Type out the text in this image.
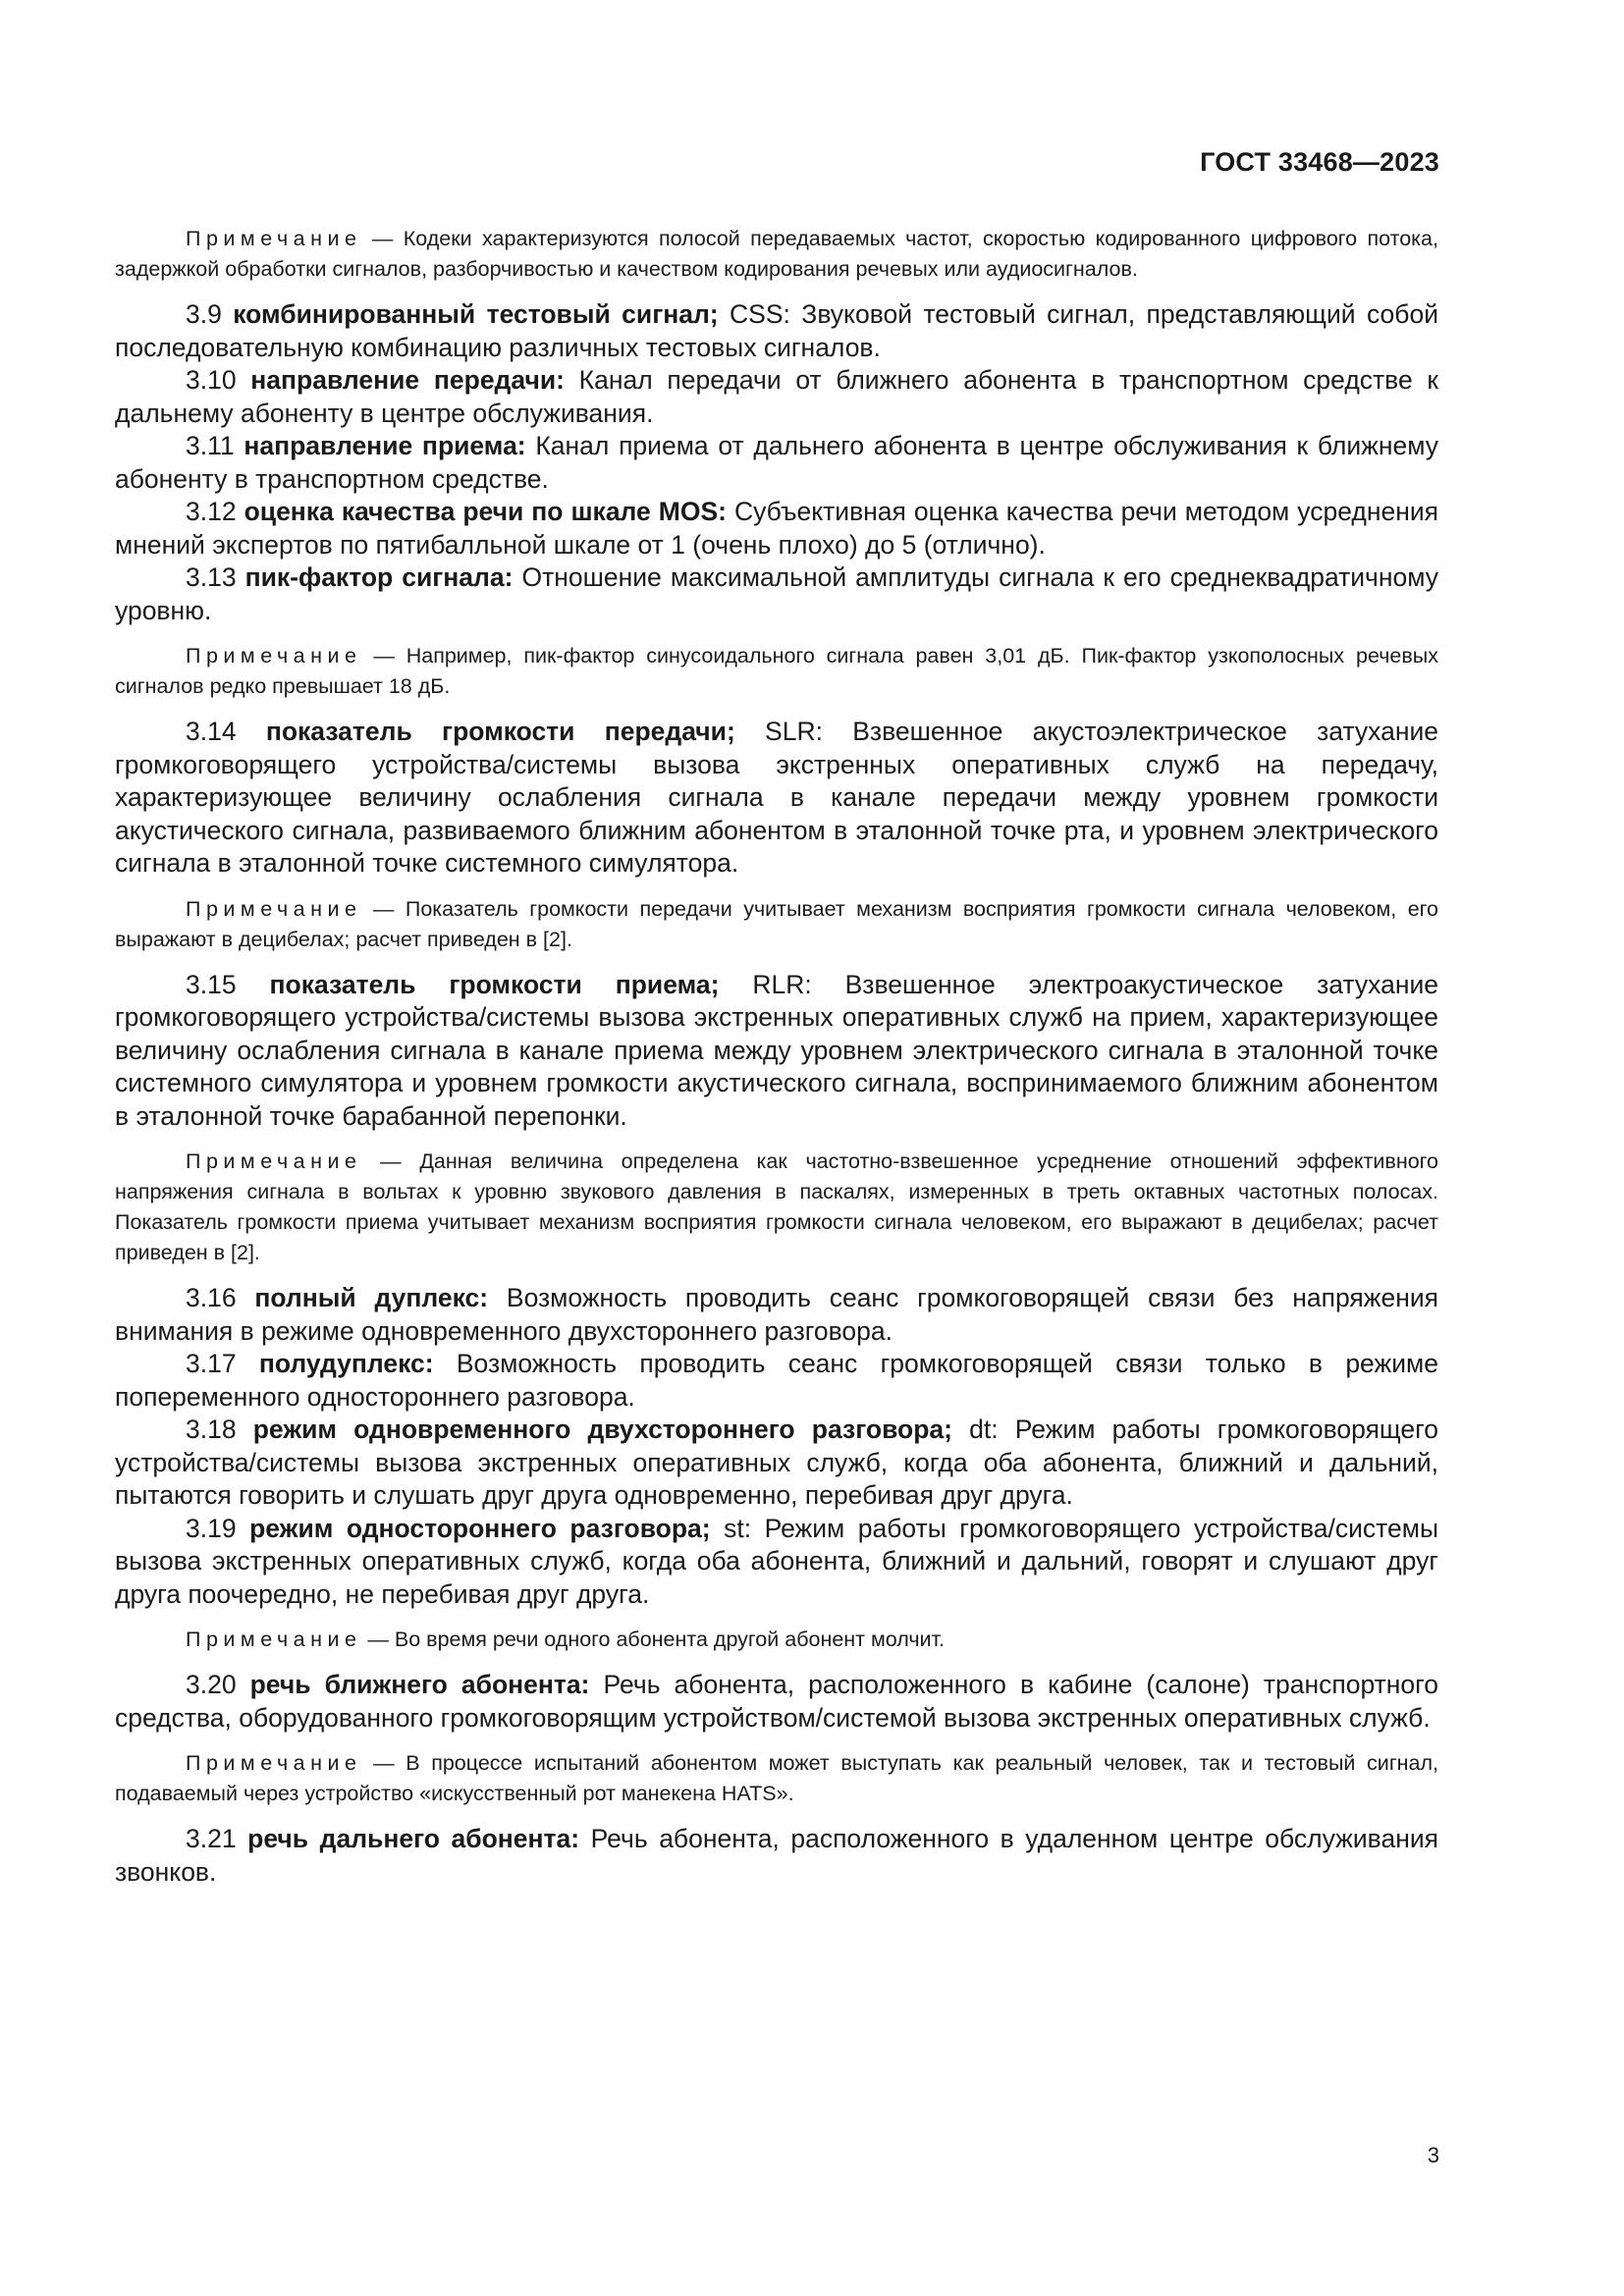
ГОСТ 33468—2023

Примечание — Кодеки характеризуются полосой передаваемых частот, скоростью кодированного цифрового потока, задержкой обработки сигналов, разборчивостью и качеством кодирования речевых или аудиосигналов.

3.9 комбинированный тестовый сигнал; CSS: Звуковой тестовый сигнал, представляющий собой последовательную комбинацию различных тестовых сигналов.

3.10 направление передачи: Канал передачи от ближнего абонента в транспортном средстве к дальнему абоненту в центре обслуживания.

3.11 направление приема: Канал приема от дальнего абонента в центре обслуживания к ближнему абоненту в транспортном средстве.

3.12 оценка качества речи по шкале MOS: Субъективная оценка качества речи методом усреднения мнений экспертов по пятибалльной шкале от 1 (очень плохо) до 5 (отлично).

3.13 пик-фактор сигнала: Отношение максимальной амплитуды сигнала к его среднеквадратичному уровню.

Примечание — Например, пик-фактор синусоидального сигнала равен 3,01 дБ. Пик-фактор узкополосных речевых сигналов редко превышает 18 дБ.

3.14 показатель громкости передачи; SLR: Взвешенное акустоэлектрическое затухание громкоговорящего устройства/системы вызова экстренных оперативных служб на передачу, характеризующее величину ослабления сигнала в канале передачи между уровнем громкости акустического сигнала, развиваемого ближним абонентом в эталонной точке рта, и уровнем электрического сигнала в эталонной точке системного симулятора.

Примечание — Показатель громкости передачи учитывает механизм восприятия громкости сигнала человеком, его выражают в децибелах; расчет приведен в [2].

3.15 показатель громкости приема; RLR: Взвешенное электроакустическое затухание громкоговорящего устройства/системы вызова экстренных оперативных служб на прием, характеризующее величину ослабления сигнала в канале приема между уровнем электрического сигнала в эталонной точке системного симулятора и уровнем громкости акустического сигнала, воспринимаемого ближним абонентом в эталонной точке барабанной перепонки.

Примечание — Данная величина определена как частотно-взвешенное усреднение отношений эффективного напряжения сигнала в вольтах к уровню звукового давления в паскалях, измеренных в треть октавных частотных полосах. Показатель громкости приема учитывает механизм восприятия громкости сигнала человеком, его выражают в децибелах; расчет приведен в [2].

3.16 полный дуплекс: Возможность проводить сеанс громкоговорящей связи без напряжения внимания в режиме одновременного двухстороннего разговора.

3.17 полудуплекс: Возможность проводить сеанс громкоговорящей связи только в режиме попеременного одностороннего разговора.

3.18 режим одновременного двухстороннего разговора; dt: Режим работы громкоговорящего устройства/системы вызова экстренных оперативных служб, когда оба абонента, ближний и дальний, пытаются говорить и слушать друг друга одновременно, перебивая друг друга.

3.19 режим одностороннего разговора; st: Режим работы громкоговорящего устройства/системы вызова экстренных оперативных служб, когда оба абонента, ближний и дальний, говорят и слушают друг друга поочередно, не перебивая друг друга.

Примечание — Во время речи одного абонента другой абонент молчит.

3.20 речь ближнего абонента: Речь абонента, расположенного в кабине (салоне) транспортного средства, оборудованного громкоговорящим устройством/системой вызова экстренных оперативных служб.

Примечание — В процессе испытаний абонентом может выступать как реальный человек, так и тестовый сигнал, подаваемый через устройство «искусственный рот манекена HATS».

3.21 речь дальнего абонента: Речь абонента, расположенного в удаленном центре обслуживания звонков.

3
